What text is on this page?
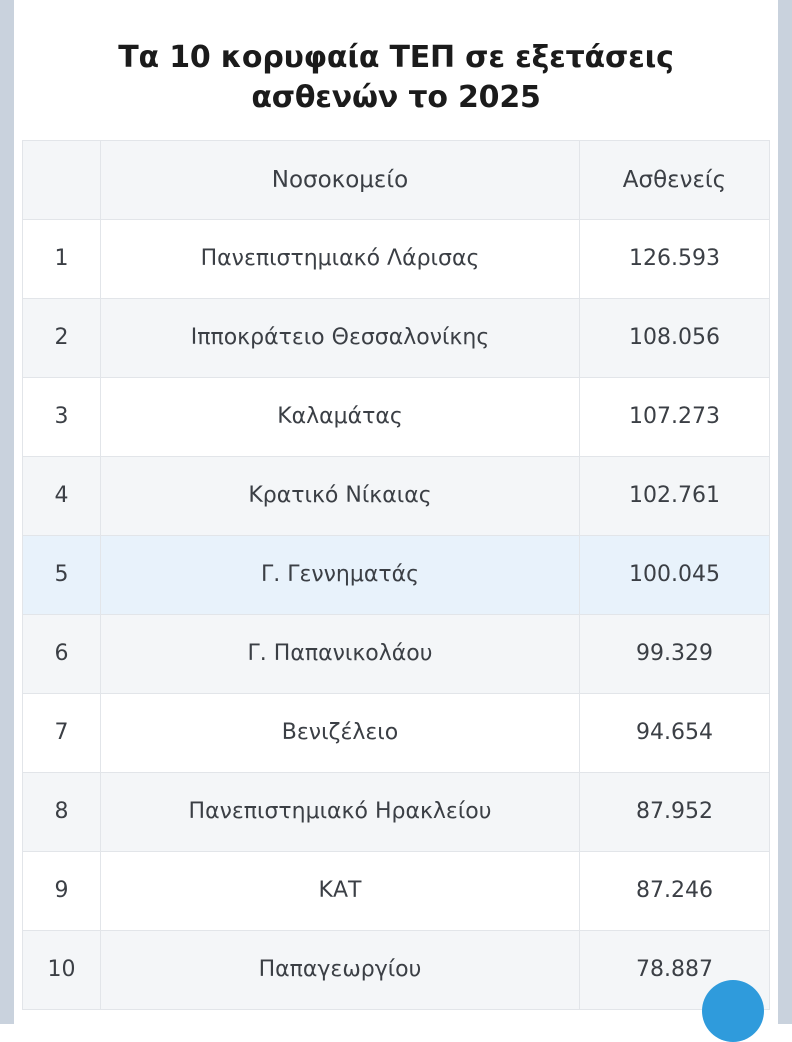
Τα 10 κορυφαία ΤΕΠ σε εξετάσεις ασθενών το 2025
	Νοσοκομείο	Ασθενείς
1	Πανεπιστημιακό Λάρισας	126.593
2	Ιπποκράτειο Θεσσαλονίκης	108.056
3	Καλαμάτας	107.273
4	Κρατικό Νίκαιας	102.761
5	Γ. Γεννηματάς	100.045
6	Γ. Παπανικολάου	99.329
7	Βενιζέλειο	94.654
8	Πανεπιστημιακό Ηρακλείου	87.952
9	ΚΑΤ	87.246
10	Παπαγεωργίου	78.887
